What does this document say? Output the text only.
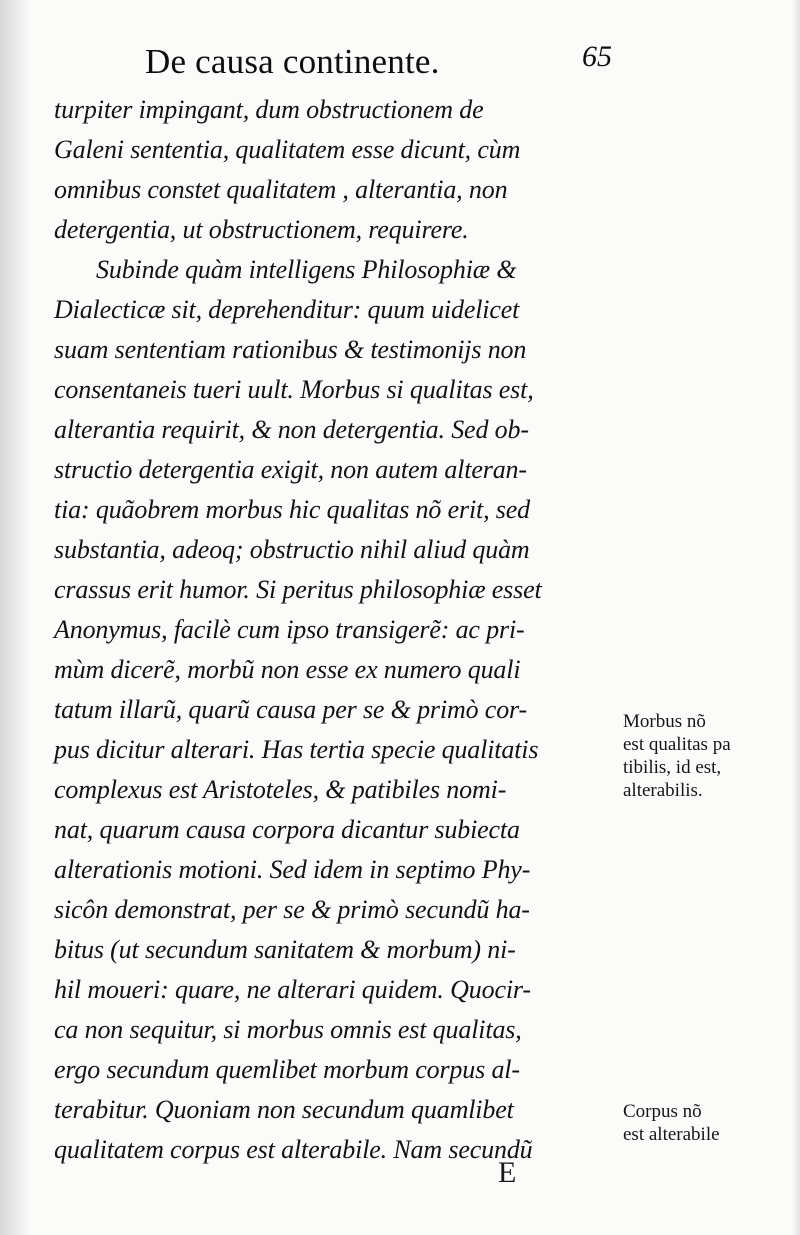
De causa continente.	65
turpiter impingant, dum obstructionem de
Galeni sententia, qualitatem esse dicunt, cùm
omnibus constet qualitatem , alterantia, non
detergentia, ut obstructionem, requirere.
Subinde quàm intelligens Philosophiæ &
Dialecticæ sit, deprehenditur: quum uidelicet
suam sententiam rationibus & testimonijs non
consentaneis tueri uult. Morbus si qualitas est,
alterantia requirit, & non detergentia. Sed ob-
structio detergentia exigit, non autem alteran-
tia: quãobrem morbus hic qualitas nõ erit, sed
substantia, adeoq; obstructio nihil aliud quàm
crassus erit humor. Si peritus philosophiæ esset
Anonymus, facilè cum ipso transigerẽ: ac pri-
mùm dicerẽ, morbũ non esse ex numero quali
tatum illarũ, quarũ causa per se & primò cor-
pus dicitur alterari. Has tertia specie qualitatis
complexus est Aristoteles, & patibiles nomi-
nat, quarum causa corpora dicantur subiecta
alterationis motioni. Sed idem in septimo Phy-
sicôn demonstrat, per se & primò secundũ ha-
bitus (ut secundum sanitatem & morbum) ni-
hil moueri: quare, ne alterari quidem. Quocir-
ca non sequitur, si morbus omnis est qualitas,
ergo secundum quemlibet morbum corpus al-
terabitur. Quoniam non secundum quamlibet
qualitatem corpus est alterabile. Nam secundũ
Morbus nõ
est qualitas pa
tibilis, id est,
alterabilis.
Corpus nõ
est alterabile
E
